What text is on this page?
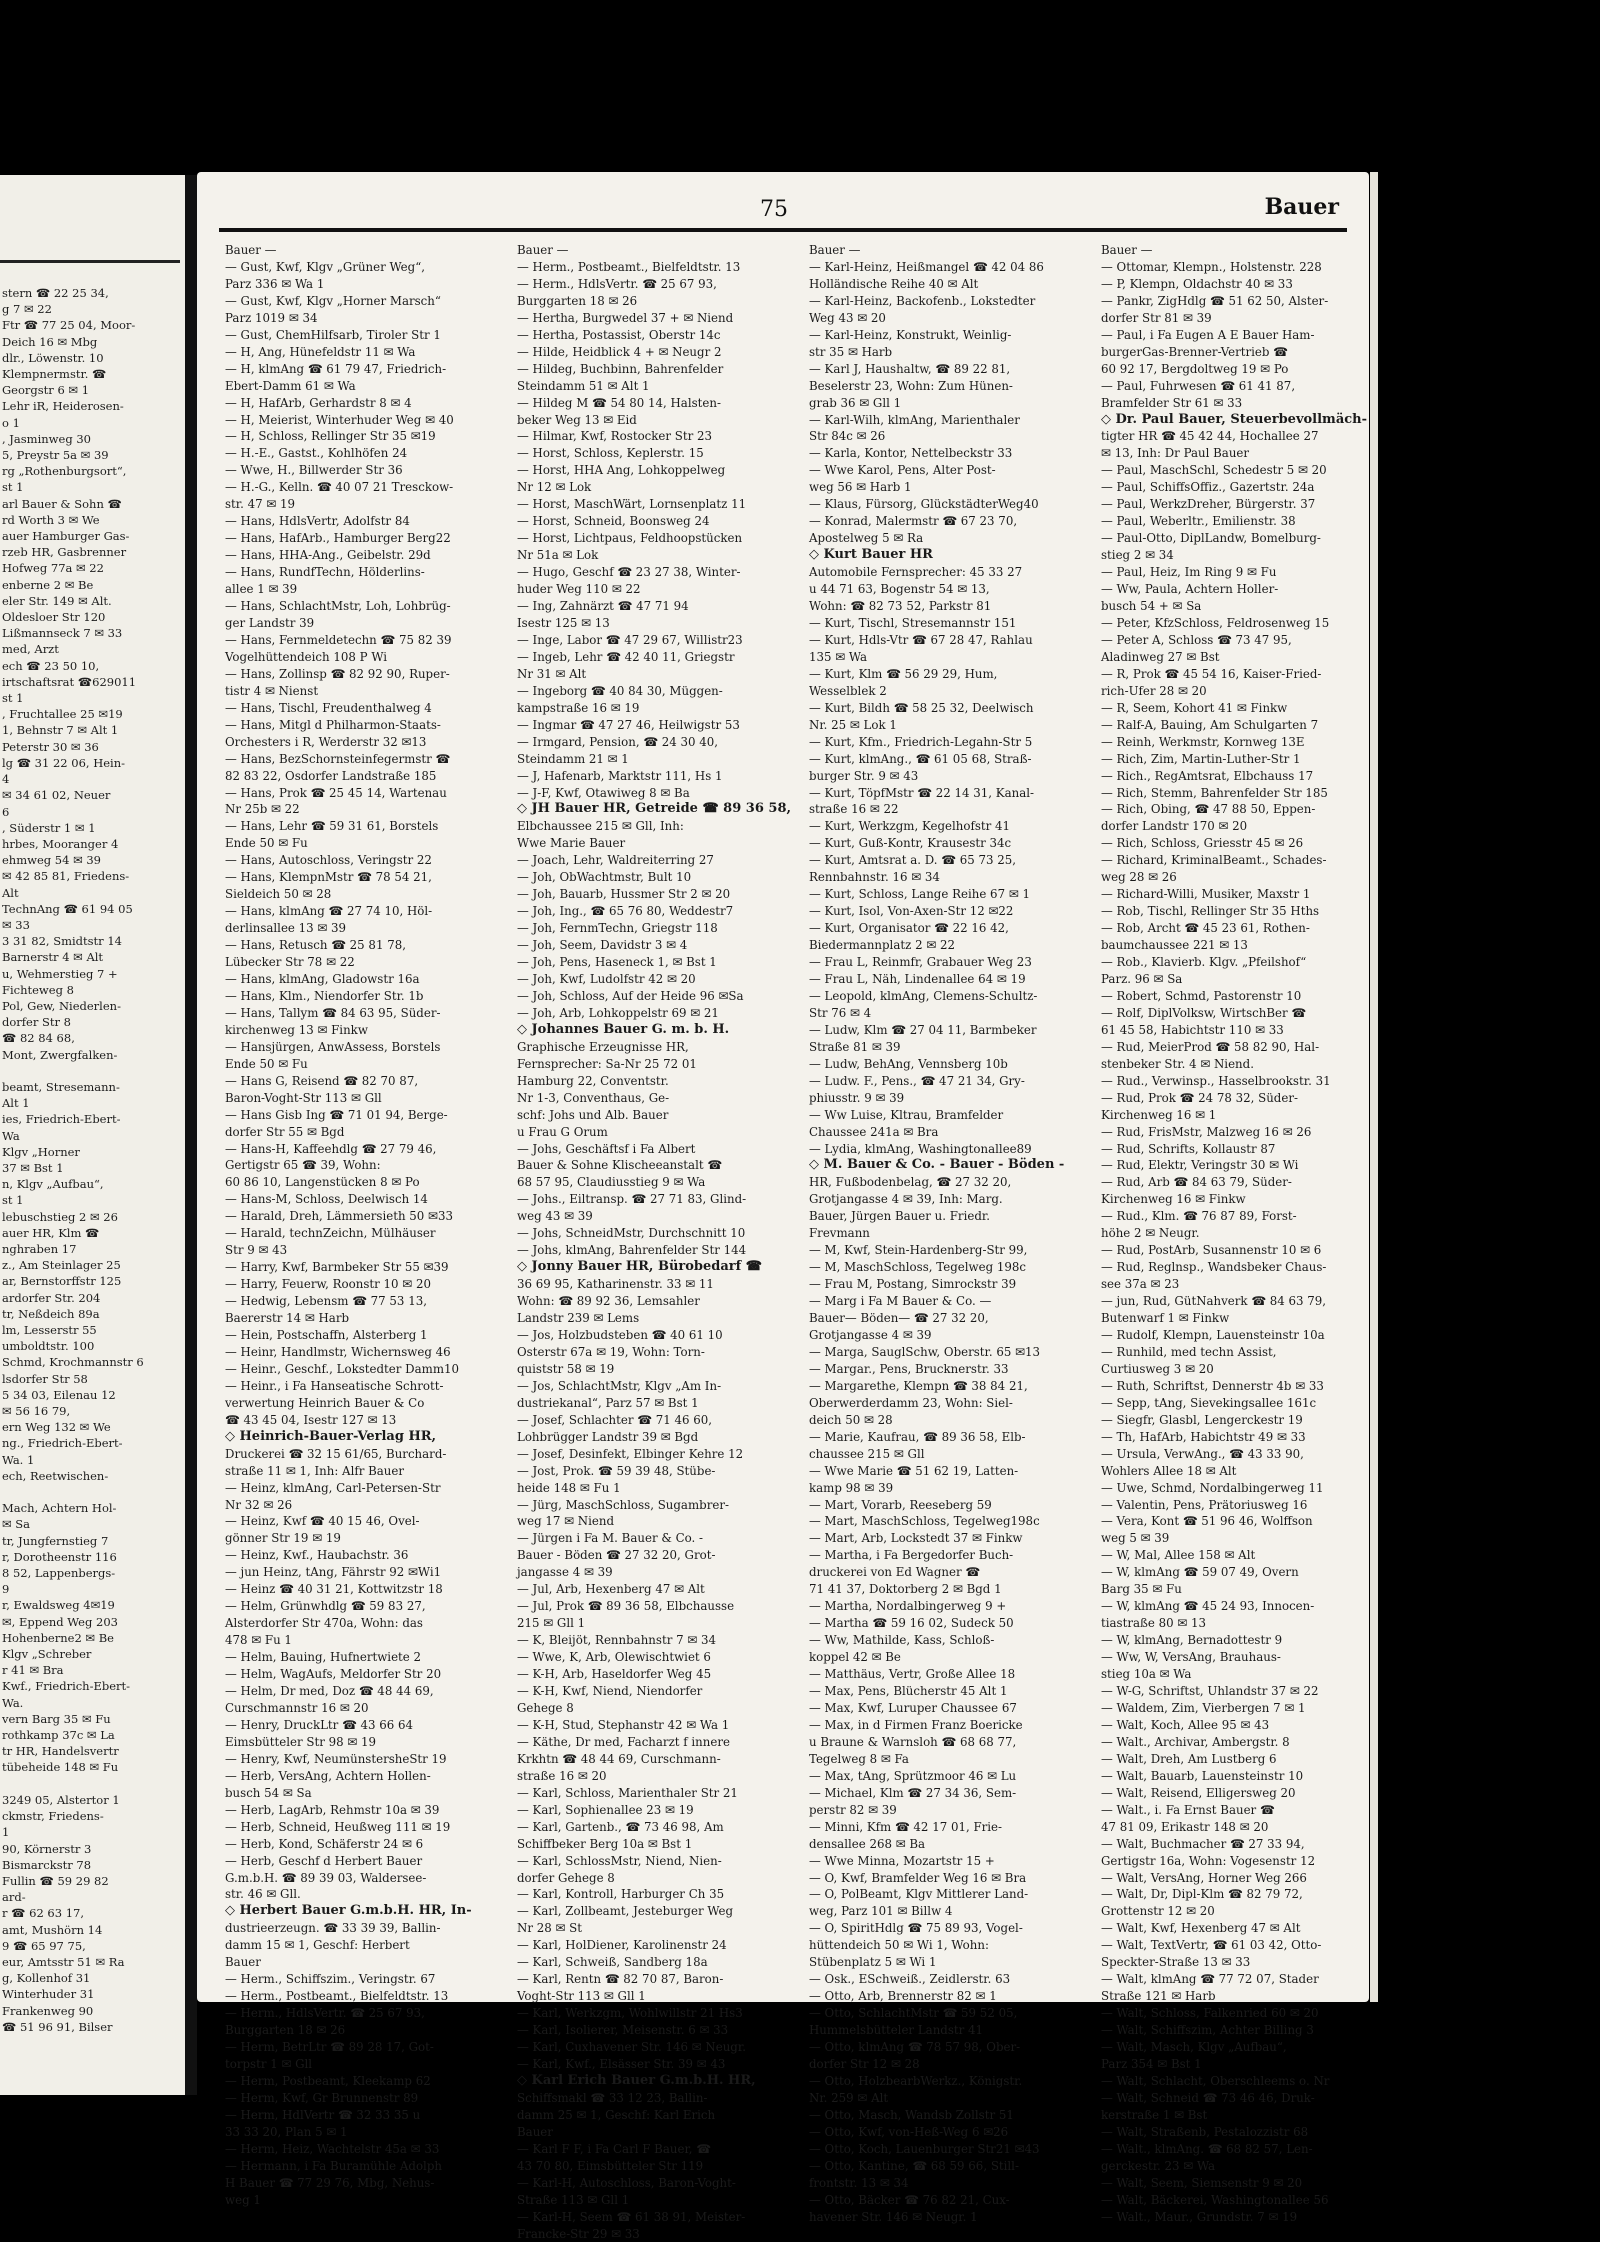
stern ☎ 22 25 34,
g 7 ✉ 22
Ftr ☎ 77 25 04, Moor-
Deich 16 ✉ Mbg
dlr., Löwenstr. 10
Klempnermstr. ☎
Georgstr 6 ✉ 1
Lehr iR, Heiderosen-
o 1
, Jasminweg 30
5, Preystr 5a ✉ 39
rg „Rothenburgsort“,
st 1
arl Bauer & Sohn ☎
rd Worth 3 ✉ We
auer Hamburger Gas-
rzeb HR, Gasbrenner
Hofweg 77a ✉ 22
enberne 2 ✉ Be
eler Str. 149 ✉ Alt.
Oldesloer Str 120
Lißmannseck 7 ✉ 33
med, Arzt
ech ☎ 23 50 10,
irtschaftsrat ☎629011
st 1
, Fruchtallee 25 ✉19
1, Behnstr 7 ✉ Alt 1
Peterstr 30 ✉ 36
lg ☎ 31 22 06, Hein-
4
✉ 34 61 02, Neuer
6
, Süderstr 1 ✉ 1
hrbes, Mooranger 4
ehmweg 54 ✉ 39
✉ 42 85 81, Friedens-
Alt
TechnAng ☎ 61 94 05
✉ 33
3 31 82, Smidtstr 14
Barnerstr 4 ✉ Alt
u, Wehmerstieg 7 +
Fichteweg 8
Pol, Gew, Niederlen-
dorfer Str 8
☎ 82 84 68,
Mont, Zwergfalken-

beamt, Stresemann-
Alt 1
ies, Friedrich-Ebert-
Wa
Klgv „Horner
37 ✉ Bst 1
n, Klgv „Aufbau“,
st 1
lebuschstieg 2 ✉ 26
auer HR, Klm ☎
nghraben 17
z., Am Steinlager 25
ar, Bernstorffstr 125
ardorfer Str. 204
tr, Neßdeich 89a
lm, Lesserstr 55
umboldtstr. 100
Schmd, Krochmannstr 6
lsdorfer Str 58
5 34 03, Eilenau 12
✉ 56 16 79,
ern Weg 132 ✉ We
ng., Friedrich-Ebert-
Wa. 1
ech, Reetwischen-

Mach, Achtern Hol-
✉ Sa
tr, Jungfernstieg 7
r, Dorotheenstr 116
8 52, Lappenbergs-
9
r, Ewaldsweg 4✉19
✉, Eppend Weg 203
Hohenberne2 ✉ Be
Klgv „Schreber
r 41 ✉ Bra
Kwf., Friedrich-Ebert-
Wa.
vern Barg 35 ✉ Fu
rothkamp 37c ✉ La
tr HR, Handelsvertr
tübeheide 148 ✉ Fu

3249 05, Alstertor 1
ckmstr, Friedens-
1
90, Körnerstr 3
Bismarckstr 78
Fullin ☎ 59 29 82
ard-
r ☎ 62 63 17,
amt, Mushörn 14
9 ☎ 65 97 75,
eur, Amtsstr 51 ✉ Ra
g, Kollenhof 31
Winterhuder 31
Frankenweg 90
☎ 51 96 91, Bilser
75	Bauer
Bauer —
— Gust, Kwf, Klgv „Grüner Weg“,
Parz 336 ✉ Wa 1
— Gust, Kwf, Klgv „Horner Marsch“
Parz 1019 ✉ 34
— Gust, ChemHilfsarb, Tiroler Str 1
— H, Ang, Hünefeldstr 11 ✉ Wa
— H, klmAng ☎ 61 79 47, Friedrich-
Ebert-Damm 61 ✉ Wa
— H, HafArb, Gerhardstr 8 ✉ 4
— H, Meierist, Winterhuder Weg ✉ 40
— H, Schloss, Rellinger Str 35 ✉19
— H.-E., Gastst., Kohlhöfen 24
— Wwe, H., Billwerder Str 36
— H.-G., Kelln. ☎ 40 07 21 Tresckow-
str. 47 ✉ 19
— Hans, HdlsVertr, Adolfstr 84
— Hans, HafArb., Hamburger Berg22
— Hans, HHA-Ang., Geibelstr. 29d
— Hans, RundfTechn, Hölderlins-
allee 1 ✉ 39
— Hans, SchlachtMstr, Loh, Lohbrüg-
ger Landstr 39
— Hans, Fernmeldetechn ☎ 75 82 39
Vogelhüttendeich 108 P Wi
— Hans, Zollinsp ☎ 82 92 90, Ruper-
tistr 4 ✉ Nienst
— Hans, Tischl, Freudenthalweg 4
— Hans, Mitgl d Philharmon-Staats-
Orchesters i R, Werderstr 32 ✉13
— Hans, BezSchornsteinfegermstr ☎
82 83 22, Osdorfer Landstraße 185
— Hans, Prok ☎ 25 45 14, Wartenau
Nr 25b ✉ 22
— Hans, Lehr ☎ 59 31 61, Borstels
Ende 50 ✉ Fu
— Hans, Autoschloss, Veringstr 22
— Hans, KlempnMstr ☎ 78 54 21,
Sieldeich 50 ✉ 28
— Hans, klmAng ☎ 27 74 10, Höl-
derlinsallee 13 ✉ 39
— Hans, Retusch ☎ 25 81 78,
Lübecker Str 78 ✉ 22
— Hans, klmAng, Gladowstr 16a
— Hans, Klm., Niendorfer Str. 1b
— Hans, Tallym ☎ 84 63 95, Süder-
kirchenweg 13 ✉ Finkw
— Hansjürgen, AnwAssess, Borstels
Ende 50 ✉ Fu
— Hans G, Reisend ☎ 82 70 87,
Baron-Voght-Str 113 ✉ Gll
— Hans Gisb Ing ☎ 71 01 94, Berge-
dorfer Str 55 ✉ Bgd
— Hans-H, Kaffeehdlg ☎ 27 79 46,
Gertigstr 65 ☎ 39, Wohn:
60 86 10, Langenstücken 8 ✉ Po
— Hans-M, Schloss, Deelwisch 14
— Harald, Dreh, Lämmersieth 50 ✉33
— Harald, technZeichn, Mülhäuser
Str 9 ✉ 43
— Harry, Kwf, Barmbeker Str 55 ✉39
— Harry, Feuerw, Roonstr 10 ✉ 20
— Hedwig, Lebensm ☎ 77 53 13,
Baererstr 14 ✉ Harb
— Hein, Postschaffn, Alsterberg 1
— Heinr, Handlmstr, Wichernsweg 46
— Heinr., Geschf., Lokstedter Damm10
— Heinr., i Fa Hanseatische Schrott-
verwertung Heinrich Bauer & Co
☎ 43 45 04, Isestr 127 ✉ 13
◇ Heinrich-Bauer-Verlag HR,
Druckerei ☎ 32 15 61/65, Burchard-
straße 11 ✉ 1, Inh: Alfr Bauer
— Heinz, klmAng, Carl-Petersen-Str
Nr 32 ✉ 26
— Heinz, Kwf ☎ 40 15 46, Ovel-
gönner Str 19 ✉ 19
— Heinz, Kwf., Haubachstr. 36
— jun Heinz, tAng, Fährstr 92 ✉Wi1
— Heinz ☎ 40 31 21, Kottwitzstr 18
— Helm, Grünwhdlg ☎ 59 83 27,
Alsterdorfer Str 470a, Wohn: das
478 ✉ Fu 1
— Helm, Bauing, Hufnertwiete 2
— Helm, WagAufs, Meldorfer Str 20
— Helm, Dr med, Doz ☎ 48 44 69,
Curschmannstr 16 ✉ 20
— Henry, DruckLtr ☎ 43 66 64
Eimsbütteler Str 98 ✉ 19
— Henry, Kwf, NeumünstersheStr 19
— Herb, VersAng, Achtern Hollen-
busch 54 ✉ Sa
— Herb, LagArb, Rehmstr 10a ✉ 39
— Herb, Schneid, Heußweg 111 ✉ 19
— Herb, Kond, Schäferstr 24 ✉ 6
— Herb, Geschf d Herbert Bauer
G.m.b.H. ☎ 89 39 03, Waldersee-
str. 46 ✉ Gll.
◇ Herbert Bauer G.m.b.H. HR, In-
dustrieerzeugn. ☎ 33 39 39, Ballin-
damm 15 ✉ 1, Geschf: Herbert
Bauer
— Herm., Schiffszim., Veringstr. 67
— Herm., Postbeamt., Bielfeldtstr. 13
— Herm., HdlsVertr. ☎ 25 67 93,
Burggarten 18 ✉ 26
— Herm, BetrLtr ☎ 89 28 17, Got-
torpstr 1 ✉ Gll
— Herm, Postbeamt, Kleekamp 62
— Herm, Kwf, Gr Brunnenstr 89
— Herm, HdlVertr ☎ 32 33 35 u
33 33 20, Plan 5 ✉ 1
— Herm, Heiz, Wachtelstr 45a ✉ 33
— Hermann, i Fa Buramühle Adolph
H Bauer ☎ 77 29 76, Mbg, Nehus-
weg 1
Bauer —
— Herm., Postbeamt., Bielfeldtstr. 13
— Herm., HdlsVertr. ☎ 25 67 93,
Burggarten 18 ✉ 26
— Hertha, Burgwedel 37 + ✉ Niend
— Hertha, Postassist, Oberstr 14c
— Hilde, Heidblick 4 + ✉ Neugr 2
— Hildeg, Buchbinn, Bahrenfelder
Steindamm 51 ✉ Alt 1
— Hildeg M ☎ 54 80 14, Halsten-
beker Weg 13 ✉ Eid
— Hilmar, Kwf, Rostocker Str 23
— Horst, Schloss, Keplerstr. 15
— Horst, HHA Ang, Lohkoppelweg
Nr 12 ✉ Lok
— Horst, MaschWärt, Lornsenplatz 11
— Horst, Schneid, Boonsweg 24
— Horst, Lichtpaus, Feldhoopstücken
Nr 51a ✉ Lok
— Hugo, Geschf ☎ 23 27 38, Winter-
huder Weg 110 ✉ 22
— Ing, Zahnärzt ☎ 47 71 94
Isestr 125 ✉ 13
— Inge, Labor ☎ 47 29 67, Willistr23
— Ingeb, Lehr ☎ 42 40 11, Griegstr
Nr 31 ✉ Alt
— Ingeborg ☎ 40 84 30, Müggen-
kampstraße 16 ✉ 19
— Ingmar ☎ 47 27 46, Heilwigstr 53
— Irmgard, Pension, ☎ 24 30 40,
Steindamm 21 ✉ 1
— J, Hafenarb, Marktstr 111, Hs 1
— J-F, Kwf, Otawiweg 8 ✉ Ba
◇ JH Bauer HR, Getreide ☎ 89 36 58,
Elbchaussee 215 ✉ Gll, Inh:
Wwe Marie Bauer
— Joach, Lehr, Waldreiterring 27
— Joh, ObWachtmstr, Bult 10
— Joh, Bauarb, Hussmer Str 2 ✉ 20
— Joh, Ing., ☎ 65 76 80, Weddestr7
— Joh, FernmTechn, Griegstr 118
— Joh, Seem, Davidstr 3 ✉ 4
— Joh, Pens, Haseneck 1, ✉ Bst 1
— Joh, Kwf, Ludolfstr 42 ✉ 20
— Joh, Schloss, Auf der Heide 96 ✉Sa
— Joh, Arb, Lohkoppelstr 69 ✉ 21
◇ Johannes Bauer G. m. b. H.
Graphische Erzeugnisse HR,
Fernsprecher: Sa-Nr 25 72 01
Hamburg 22, Conventstr.
Nr 1-3, Conventhaus, Ge-
schf: Johs und Alb. Bauer
u Frau G Orum
— Johs, Geschäftsf i Fa Albert
Bauer & Sohne Klischeeanstalt ☎
68 57 95, Claudiusstieg 9 ✉ Wa
— Johs., Eiltransp. ☎ 27 71 83, Glind-
weg 43 ✉ 39
— Johs, SchneidMstr, Durchschnitt 10
— Johs, klmAng, Bahrenfelder Str 144
◇ Jonny Bauer HR, Bürobedarf ☎
36 69 95, Katharinenstr. 33 ✉ 11
Wohn: ☎ 89 92 36, Lemsahler
Landstr 239 ✉ Lems
— Jos, Holzbudsteben ☎ 40 61 10
Osterstr 67a ✉ 19, Wohn: Torn-
quiststr 58 ✉ 19
— Jos, SchlachtMstr, Klgv „Am In-
dustriekanal“, Parz 57 ✉ Bst 1
— Josef, Schlachter ☎ 71 46 60,
Lohbrügger Landstr 39 ✉ Bgd
— Josef, Desinfekt, Elbinger Kehre 12
— Jost, Prok. ☎ 59 39 48, Stübe-
heide 148 ✉ Fu 1
— Jürg, MaschSchloss, Sugambrer-
weg 17 ✉ Niend
— Jürgen i Fa M. Bauer & Co. -
Bauer - Böden ☎ 27 32 20, Grot-
jangasse 4 ✉ 39
— Jul, Arb, Hexenberg 47 ✉ Alt
— Jul, Prok ☎ 89 36 58, Elbchausse
215 ✉ Gll 1
— K, Bleijöt, Rennbahnstr 7 ✉ 34
— Wwe, K, Arb, Olewischtwiet 6
— K-H, Arb, Haseldorfer Weg 45
— K-H, Kwf, Niend, Niendorfer
Gehege 8
— K-H, Stud, Stephanstr 42 ✉ Wa 1
— Käthe, Dr med, Facharzt f innere
Krkhtn ☎ 48 44 69, Curschmann-
straße 16 ✉ 20
— Karl, Schloss, Marienthaler Str 21
— Karl, Sophienallee 23 ✉ 19
— Karl, Gartenb., ☎ 73 46 98, Am
Schiffbeker Berg 10a ✉ Bst 1
— Karl, SchlossMstr, Niend, Nien-
dorfer Gehege 8
— Karl, Kontroll, Harburger Ch 35
— Karl, Zollbeamt, Jesteburger Weg
Nr 28 ✉ St
— Karl, HolDiener, Karolinenstr 24
— Karl, Schweiß, Sandberg 18a
— Karl, Rentn ☎ 82 70 87, Baron-
Voght-Str 113 ✉ Gll 1
— Karl, Werkzgm, Wohlwillstr 21 Hs3
— Karl, Isolierer, Meisenstr. 6 ✉ 33
— Karl, Cuxhavener Str. 146 ✉ Neugr.
— Karl, Kwf., Elsässer Str. 39 ✉ 43
◇ Karl Erich Bauer G.m.b.H. HR,
Schiffsmakl ☎ 33 12 23, Ballin-
damm 25 ✉ 1, Geschf: Karl Erich
Bauer
— Karl F F, i Fa Carl F Bauer, ☎
43 70 80, Eimsbütteler Str 119
— Karl-H, Autoschloss, Baron-Voght-
Straße 113 ✉ Gll 1
— Karl-H, Seem ☎ 61 38 91, Meister-
Francke-Str 29 ✉ 33
Bauer —
— Karl-Heinz, Heißmangel ☎ 42 04 86
Holländische Reihe 40 ✉ Alt
— Karl-Heinz, Backofenb., Lokstedter
Weg 43 ✉ 20
— Karl-Heinz, Konstrukt, Weinlig-
str 35 ✉ Harb
— Karl J, Haushaltw, ☎ 89 22 81,
Beselerstr 23, Wohn: Zum Hünen-
grab 36 ✉ Gll 1
— Karl-Wilh, klmAng, Marienthaler
Str 84c ✉ 26
— Karla, Kontor, Nettelbeckstr 33
— Wwe Karol, Pens, Alter Post-
weg 56 ✉ Harb 1
— Klaus, Fürsorg, GlückstädterWeg40
— Konrad, Malermstr ☎ 67 23 70,
Apostelweg 5 ✉ Ra
◇ Kurt Bauer HR
Automobile Fernsprecher: 45 33 27
u 44 71 63, Bogenstr 54 ✉ 13,
Wohn: ☎ 82 73 52, Parkstr 81
— Kurt, Tischl, Stresemannstr 151
— Kurt, Hdls-Vtr ☎ 67 28 47, Rahlau
135 ✉ Wa
— Kurt, Klm ☎ 56 29 29, Hum,
Wesselblek 2
— Kurt, Bildh ☎ 58 25 32, Deelwisch
Nr. 25 ✉ Lok 1
— Kurt, Kfm., Friedrich-Legahn-Str 5
— Kurt, klmAng., ☎ 61 05 68, Straß-
burger Str. 9 ✉ 43
— Kurt, TöpfMstr ☎ 22 14 31, Kanal-
straße 16 ✉ 22
— Kurt, Werkzgm, Kegelhofstr 41
— Kurt, Guß-Kontr, Krausestr 34c
— Kurt, Amtsrat a. D. ☎ 65 73 25,
Rennbahnstr. 16 ✉ 34
— Kurt, Schloss, Lange Reihe 67 ✉ 1
— Kurt, Isol, Von-Axen-Str 12 ✉22
— Kurt, Organisator ☎ 22 16 42,
Biedermannplatz 2 ✉ 22
— Frau L, Reinmfr, Grabauer Weg 23
— Frau L, Näh, Lindenallee 64 ✉ 19
— Leopold, klmAng, Clemens-Schultz-
Str 76 ✉ 4
— Ludw, Klm ☎ 27 04 11, Barmbeker
Straße 81 ✉ 39
— Ludw, BehAng, Vennsberg 10b
— Ludw. F., Pens., ☎ 47 21 34, Gry-
phiusstr. 9 ✉ 39
— Ww Luise, Kltrau, Bramfelder
Chaussee 241a ✉ Bra
— Lydia, klmAng, Washingtonallee89
◇ M. Bauer & Co. - Bauer - Böden -
HR, Fußbodenbelag, ☎ 27 32 20,
Grotjangasse 4 ✉ 39, Inh: Marg.
Bauer, Jürgen Bauer u. Friedr.
Frevmann
— M, Kwf, Stein-Hardenberg-Str 99,
— M, MaschSchloss, Tegelweg 198c
— Frau M, Postang, Simrockstr 39
— Marg i Fa M Bauer & Co. —
Bauer— Böden— ☎ 27 32 20,
Grotjangasse 4 ✉ 39
— Marga, SauglSchw, Oberstr. 65 ✉13
— Margar., Pens, Brucknerstr. 33
— Margarethe, Klempn ☎ 38 84 21,
Oberwerderdamm 23, Wohn: Siel-
deich 50 ✉ 28
— Marie, Kaufrau, ☎ 89 36 58, Elb-
chaussee 215 ✉ Gll
— Wwe Marie ☎ 51 62 19, Latten-
kamp 98 ✉ 39
— Mart, Vorarb, Reeseberg 59
— Mart, MaschSchloss, Tegelweg198c
— Mart, Arb, Lockstedt 37 ✉ Finkw
— Martha, i Fa Bergedorfer Buch-
druckerei von Ed Wagner ☎
71 41 37, Doktorberg 2 ✉ Bgd 1
— Martha, Nordalbingerweg 9 +
— Martha ☎ 59 16 02, Sudeck 50
— Ww, Mathilde, Kass, Schloß-
koppel 42 ✉ Be
— Matthäus, Vertr, Große Allee 18
— Max, Pens, Blücherstr 45 Alt 1
— Max, Kwf, Luruper Chaussee 67
— Max, in d Firmen Franz Boericke
u Braune & Warnsloh ☎ 68 68 77,
Tegelweg 8 ✉ Fa
— Max, tAng, Sprützmoor 46 ✉ Lu
— Michael, Klm ☎ 27 34 36, Sem-
perstr 82 ✉ 39
— Minni, Kfm ☎ 42 17 01, Frie-
densallee 268 ✉ Ba
— Wwe Minna, Mozartstr 15 +
— O, Kwf, Bramfelder Weg 16 ✉ Bra
— O, PolBeamt, Klgv Mittlerer Land-
weg, Parz 101 ✉ Billw 4
— O, SpiritHdlg ☎ 75 89 93, Vogel-
hüttendeich 50 ✉ Wi 1, Wohn:
Stübenplatz 5 ✉ Wi 1
— Osk., ESchweiß., Zeidlerstr. 63
— Otto, Arb, Brennerstr 82 ✉ 1
— Otto, SchlachtMstr ☎ 59 52 05,
Hummelsbütteler Landstr 41
— Otto, klmAng ☎ 78 57 98, Ober-
dorfer Str 12 ✉ 28
— Otto, HolzbearbWerkz., Königstr.
Nr. 259 ✉ Alt
— Otto, Masch, Wandsb Zollstr 51
— Otto, Kwf, von-Heß-Weg 6 ✉26
— Otto, Koch, Lauenburger Str21 ✉43
— Otto, Kantine, ☎ 68 59 66, Still-
frontstr. 13 ✉ 34
— Otto, Bäcker ☎ 76 82 21, Cux-
havener Str. 146 ✉ Neugr. 1
Bauer —
— Ottomar, Klempn., Holstenstr. 228
— P, Klempn, Oldachstr 40 ✉ 33
— Pankr, ZigHdlg ☎ 51 62 50, Alster-
dorfer Str 81 ✉ 39
— Paul, i Fa Eugen A E Bauer Ham-
burgerGas-Brenner-Vertrieb ☎
60 92 17, Bergdoltweg 19 ✉ Po
— Paul, Fuhrwesen ☎ 61 41 87,
Bramfelder Str 61 ✉ 33
◇ Dr. Paul Bauer, Steuerbevollmäch-
tigter HR ☎ 45 42 44, Hochallee 27
✉ 13, Inh: Dr Paul Bauer
— Paul, MaschSchl, Schedestr 5 ✉ 20
— Paul, SchiffsOffiz., Gazertstr. 24a
— Paul, WerkzDreher, Bürgerstr. 37
— Paul, Weberltr., Emilienstr. 38
— Paul-Otto, DiplLandw, Bomelburg-
stieg 2 ✉ 34
— Paul, Heiz, Im Ring 9 ✉ Fu
— Ww, Paula, Achtern Holler-
busch 54 + ✉ Sa
— Peter, KfzSchloss, Feldrosenweg 15
— Peter A, Schloss ☎ 73 47 95,
Aladinweg 27 ✉ Bst
— R, Prok ☎ 45 54 16, Kaiser-Fried-
rich-Ufer 28 ✉ 20
— R, Seem, Kohort 41 ✉ Finkw
— Ralf-A, Bauing, Am Schulgarten 7
— Reinh, Werkmstr, Kornweg 13E
— Rich, Zim, Martin-Luther-Str 1
— Rich., RegAmtsrat, Elbchauss 17
— Rich, Stemm, Bahrenfelder Str 185
— Rich, Obing, ☎ 47 88 50, Eppen-
dorfer Landstr 170 ✉ 20
— Rich, Schloss, Griesstr 45 ✉ 26
— Richard, KriminalBeamt., Schades-
weg 28 ✉ 26
— Richard-Willi, Musiker, Maxstr 1
— Rob, Tischl, Rellinger Str 35 Hths
— Rob, Archt ☎ 45 23 61, Rothen-
baumchaussee 221 ✉ 13
— Rob., Klavierb. Klgv. „Pfeilshof“
Parz. 96 ✉ Sa
— Robert, Schmd, Pastorenstr 10
— Rolf, DiplVolksw, WirtschBer ☎
61 45 58, Habichtstr 110 ✉ 33
— Rud, MeierProd ☎ 58 82 90, Hal-
stenbeker Str. 4 ✉ Niend.
— Rud., Verwinsp., Hasselbrookstr. 31
— Rud, Prok ☎ 24 78 32, Süder-
Kirchenweg 16 ✉ 1
— Rud, FrisMstr, Malzweg 16 ✉ 26
— Rud, Schrifts, Kollaustr 87
— Rud, Elektr, Veringstr 30 ✉ Wi
— Rud, Arb ☎ 84 63 79, Süder-
Kirchenweg 16 ✉ Finkw
— Rud., Klm. ☎ 76 87 89, Forst-
höhe 2 ✉ Neugr.
— Rud, PostArb, Susannenstr 10 ✉ 6
— Rud, Reglnsp., Wandsbeker Chaus-
see 37a ✉ 23
— jun, Rud, GütNahverk ☎ 84 63 79,
Butenwarf 1 ✉ Finkw
— Rudolf, Klempn, Lauensteinstr 10a
— Runhild, med techn Assist,
Curtiusweg 3 ✉ 20
— Ruth, Schriftst, Dennerstr 4b ✉ 33
— Sepp, tAng, Sievekingsallee 161c
— Siegfr, Glasbl, Lengerckestr 19
— Th, HafArb, Habichtstr 49 ✉ 33
— Ursula, VerwAng., ☎ 43 33 90,
Wohlers Allee 18 ✉ Alt
— Uwe, Schmd, Nordalbingerweg 11
— Valentin, Pens, Prätoriusweg 16
— Vera, Kont ☎ 51 96 46, Wolffson
weg 5 ✉ 39
— W, Mal, Allee 158 ✉ Alt
— W, klmAng ☎ 59 07 49, Overn
Barg 35 ✉ Fu
— W, klmAng ☎ 45 24 93, Innocen-
tiastraße 80 ✉ 13
— W, klmAng, Bernadottestr 9
— Ww, W, VersAng, Brauhaus-
stieg 10a ✉ Wa
— W-G, Schriftst, Uhlandstr 37 ✉ 22
— Waldem, Zim, Vierbergen 7 ✉ 1
— Walt, Koch, Allee 95 ✉ 43
— Walt., Archivar, Ambergstr. 8
— Walt, Dreh, Am Lustberg 6
— Walt, Bauarb, Lauensteinstr 10
— Walt, Reisend, Elligersweg 20
— Walt., i. Fa Ernst Bauer ☎
47 81 09, Erikastr 148 ✉ 20
— Walt, Buchmacher ☎ 27 33 94,
Gertigstr 16a, Wohn: Vogesenstr 12
— Walt, VersAng, Horner Weg 266
— Walt, Dr, Dipl-Klm ☎ 82 79 72,
Grottenstr 12 ✉ 20
— Walt, Kwf, Hexenberg 47 ✉ Alt
— Walt, TextVertr, ☎ 61 03 42, Otto-
Speckter-Straße 13 ✉ 33
— Walt, klmAng ☎ 77 72 07, Stader
Straße 121 ✉ Harb
— Walt, Schloss, Falkenried 60 ✉ 20
— Walt, Schiffszim, Achter Billing 3
— Walt, Masch, Klgv „Aufbau“,
Parz 354 ✉ Bst 1
— Walt, Schlacht, Oberschleems o. Nr
— Walt, Schneid ☎ 73 46 46, Druk-
kerstraße 1 ✉ Bst
— Walt, Straßenb, Pestalozzistr 68
— Walt., klmAng. ☎ 68 82 57, Len-
gerckestr. 23 ✉ Wa
— Walt, Seem, Siemsenstr 9 ✉ 20
— Walt, Bäckerei, Washingtonallee 56
— Walt., Maur., Grundstr. 7 ✉ 19
